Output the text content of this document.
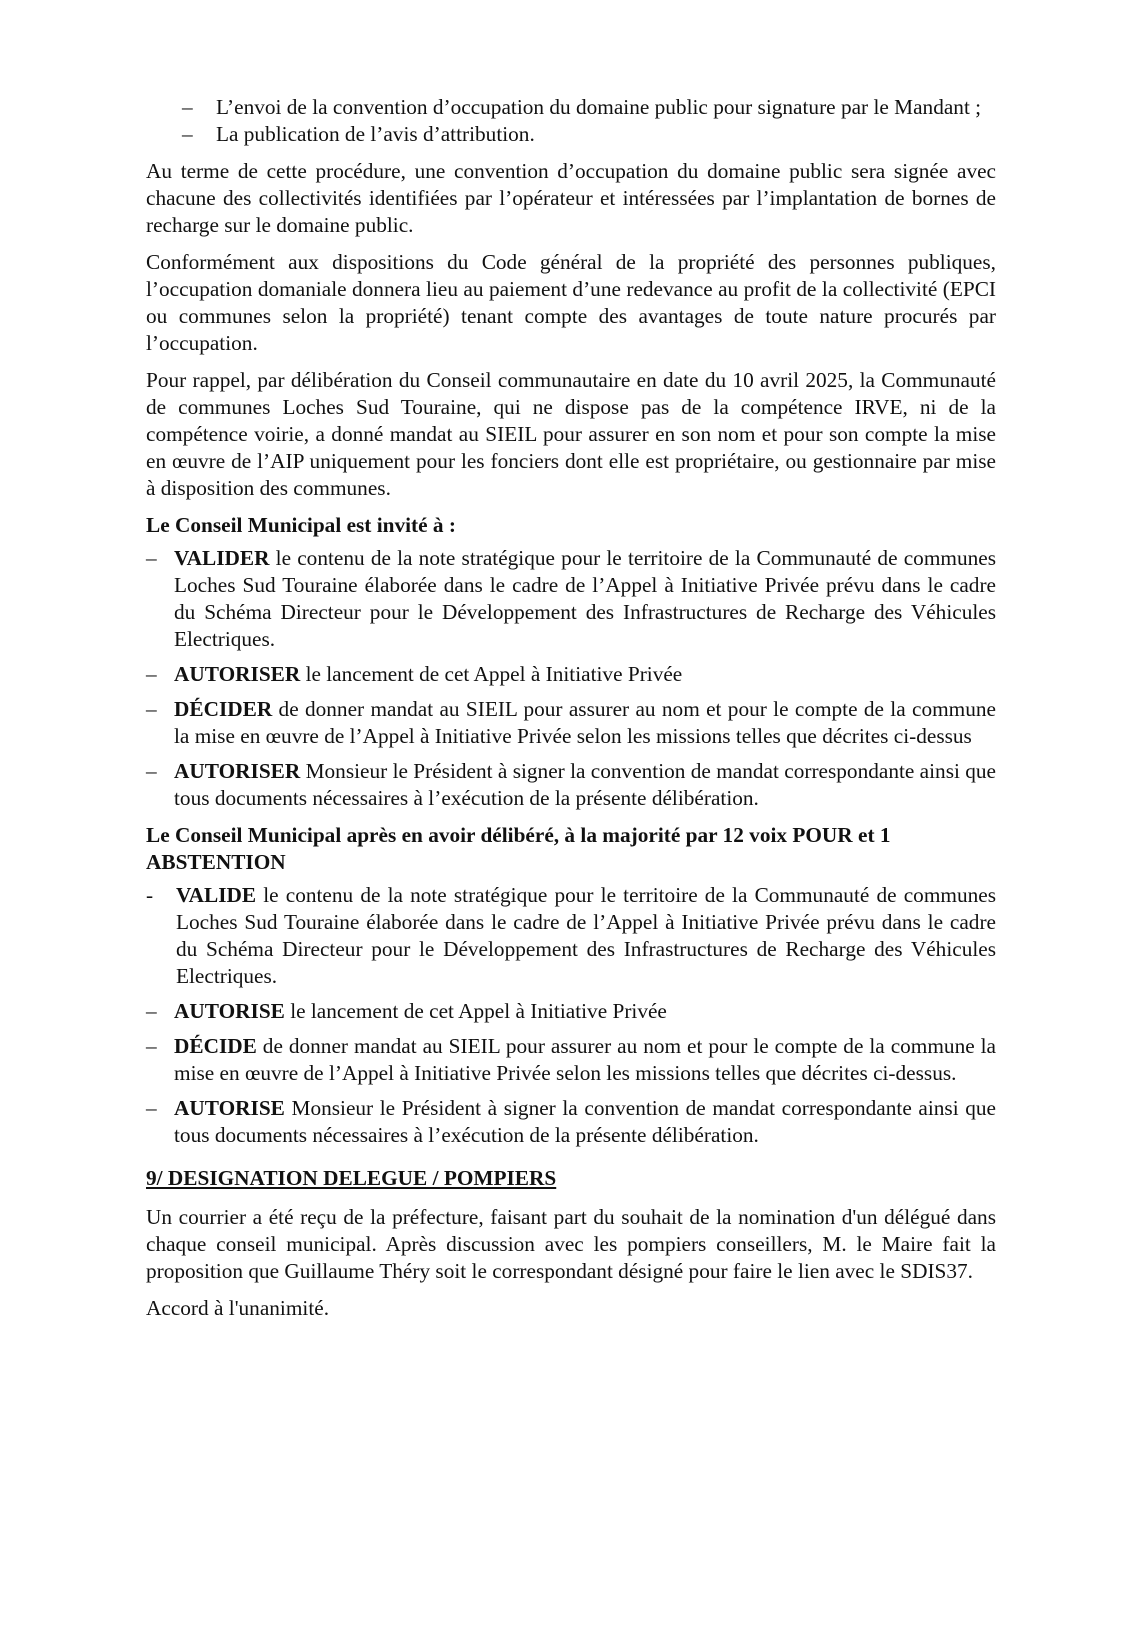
– L’envoi de la convention d’occupation du domaine public pour signature par le Mandant ;
– La publication de l’avis d’attribution.

Au terme de cette procédure, une convention d’occupation du domaine public sera signée avec chacune des collectivités identifiées par l’opérateur et intéressées par l’implantation de bornes de recharge sur le domaine public.

Conformément aux dispositions du Code général de la propriété des personnes publiques, l’occupation domaniale donnera lieu au paiement d’une redevance au profit de la collectivité (EPCI ou communes selon la propriété) tenant compte des avantages de toute nature procurés par l’occupation.

Pour rappel, par délibération du Conseil communautaire en date du 10 avril 2025, la Communauté de communes Loches Sud Touraine, qui ne dispose pas de la compétence IRVE, ni de la compétence voirie, a donné mandat au SIEIL pour assurer en son nom et pour son compte la mise en œuvre de l’AIP uniquement pour les fonciers dont elle est propriétaire, ou gestionnaire par mise à disposition des communes.

Le Conseil Municipal est invité à :
– VALIDER le contenu de la note stratégique pour le territoire de la Communauté de communes Loches Sud Touraine élaborée dans le cadre de l’Appel à Initiative Privée prévu dans le cadre du Schéma Directeur pour le Développement des Infrastructures de Recharge des Véhicules Electriques.
– AUTORISER le lancement de cet Appel à Initiative Privée
– DÉCIDER de donner mandat au SIEIL pour assurer au nom et pour le compte de la commune la mise en œuvre de l’Appel à Initiative Privée selon les missions telles que décrites ci-dessus
– AUTORISER Monsieur le Président à signer la convention de mandat correspondante ainsi que tous documents nécessaires à l’exécution de la présente délibération.
Le Conseil Municipal après en avoir délibéré, à la majorité par 12 voix POUR et 1 ABSTENTION
- VALIDE le contenu de la note stratégique pour le territoire de la Communauté de communes Loches Sud Touraine élaborée dans le cadre de l’Appel à Initiative Privée prévu dans le cadre du Schéma Directeur pour le Développement des Infrastructures de Recharge des Véhicules Electriques.
– AUTORISE le lancement de cet Appel à Initiative Privée
– DÉCIDE de donner mandat au SIEIL pour assurer au nom et pour le compte de la commune la mise en œuvre de l’Appel à Initiative Privée selon les missions telles que décrites ci-dessus.
– AUTORISE Monsieur le Président à signer la convention de mandat correspondante ainsi que tous documents nécessaires à l’exécution de la présente délibération.
9/ DESIGNATION DELEGUE / POMPIERS

Un courrier a été reçu de la préfecture, faisant part du souhait de la nomination d'un délégué dans chaque conseil municipal. Après discussion avec les pompiers conseillers, M. le Maire fait la proposition que Guillaume Théry soit le correspondant désigné pour faire le lien avec le SDIS37.

Accord à l'unanimité.
